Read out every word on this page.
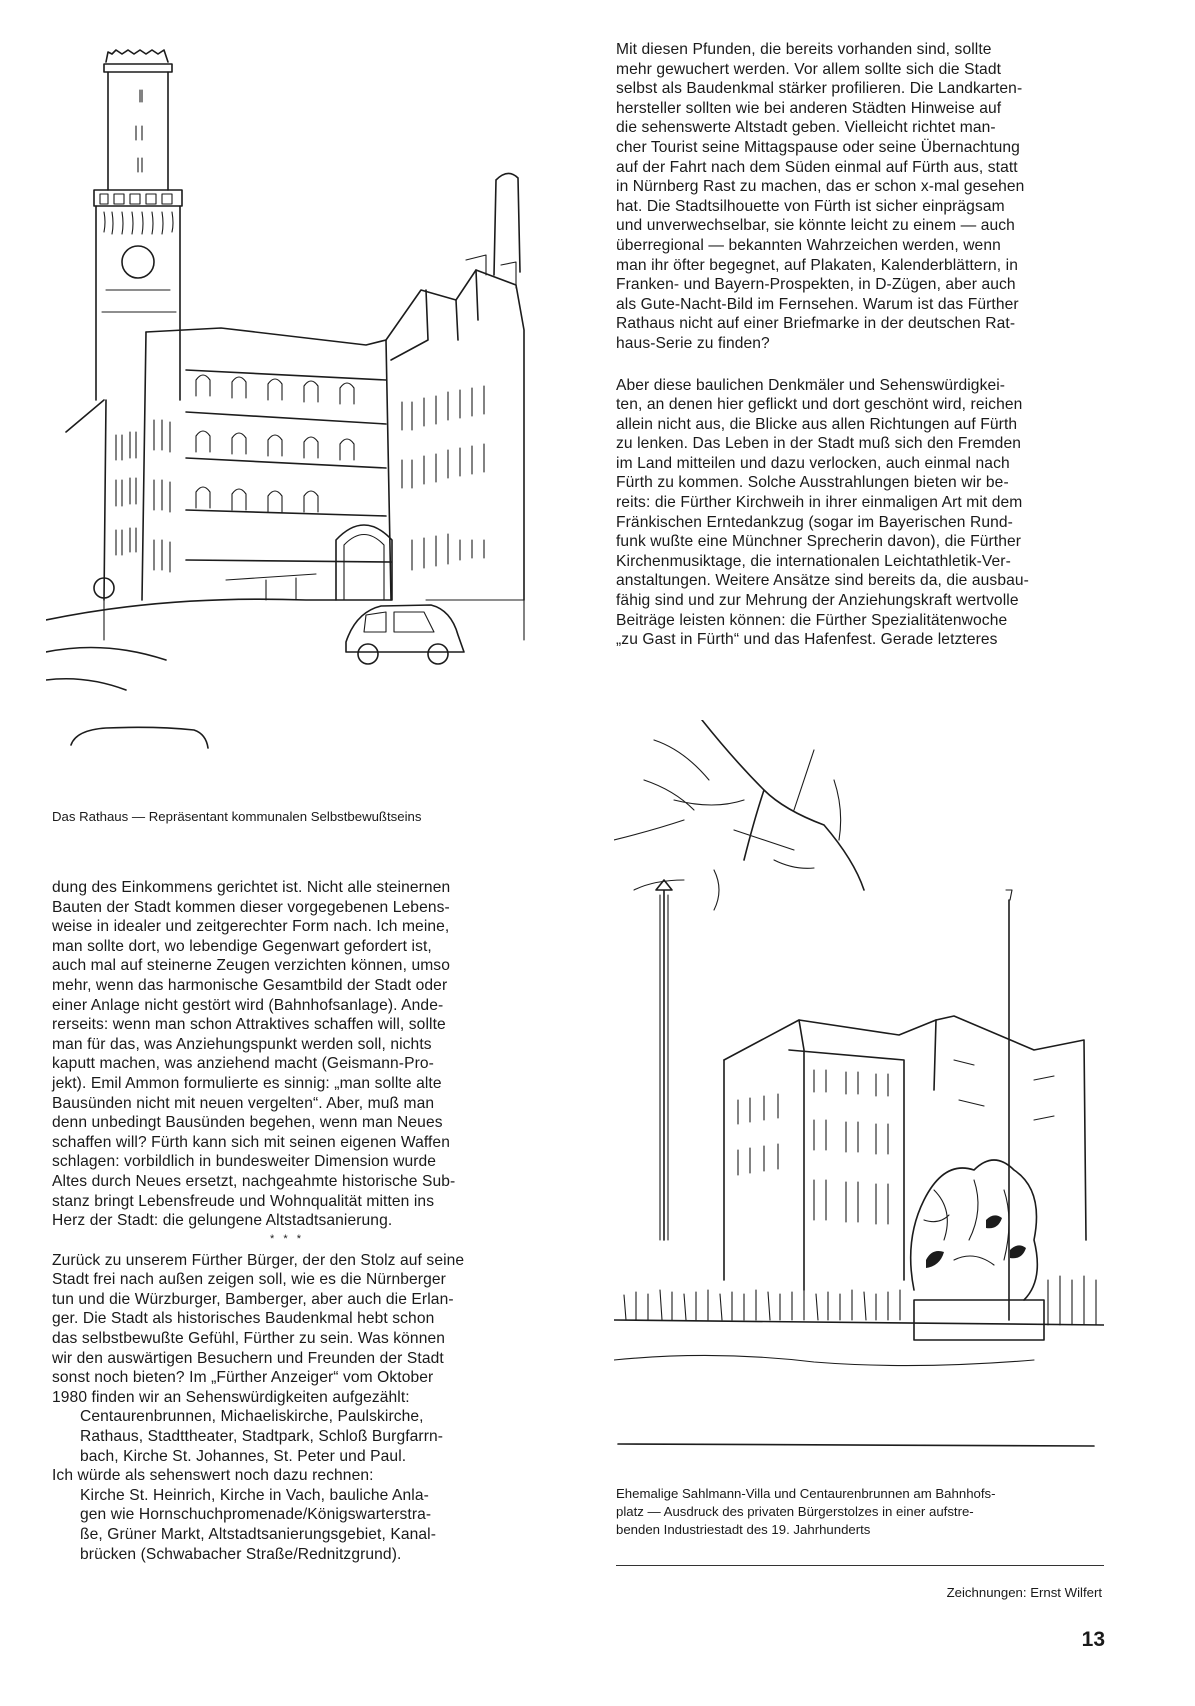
Mit diesen Pfunden, die bereits vorhanden sind, sollte
mehr gewuchert werden. Vor allem sollte sich die Stadt
selbst als Baudenkmal stärker profilieren. Die Landkarten-
hersteller sollten wie bei anderen Städten Hinweise auf
die sehenswerte Altstadt geben. Vielleicht richtet man-
cher Tourist seine Mittagspause oder seine Übernachtung
auf der Fahrt nach dem Süden einmal auf Fürth aus, statt
in Nürnberg Rast zu machen, das er schon x-mal gesehen
hat. Die Stadtsilhouette von Fürth ist sicher einprägsam
und unverwechselbar, sie könnte leicht zu einem — auch
überregional — bekannten Wahrzeichen werden, wenn
man ihr öfter begegnet, auf Plakaten, Kalenderblättern, in
Franken- und Bayern-Prospekten, in D-Zügen, aber auch
als Gute-Nacht-Bild im Fernsehen. Warum ist das Fürther
Rathaus nicht auf einer Briefmarke in der deutschen Rat-
haus-Serie zu finden?

Aber diese baulichen Denkmäler und Sehenswürdigkei-
ten, an denen hier geflickt und dort geschönt wird, reichen
allein nicht aus, die Blicke aus allen Richtungen auf Fürth
zu lenken. Das Leben in der Stadt muß sich den Fremden
im Land mitteilen und dazu verlocken, auch einmal nach
Fürth zu kommen. Solche Ausstrahlungen bieten wir be-
reits: die Fürther Kirchweih in ihrer einmaligen Art mit dem
Fränkischen Erntedankzug (sogar im Bayerischen Rund-
funk wußte eine Münchner Sprecherin davon), die Fürther
Kirchenmusiktage, die internationalen Leichtathletik-Ver-
anstaltungen. Weitere Ansätze sind bereits da, die ausbau-
fähig sind und zur Mehrung der Anziehungskraft wertvolle
Beiträge leisten können: die Fürther Spezialitätenwoche
„zu Gast in Fürth“ und das Hafenfest. Gerade letzteres

Das Rathaus — Repräsentant kommunalen Selbstbewußtseins

dung des Einkommens gerichtet ist. Nicht alle steinernen
Bauten der Stadt kommen dieser vorgegebenen Lebens-
weise in idealer und zeitgerechter Form nach. Ich meine,
man sollte dort, wo lebendige Gegenwart gefordert ist,
auch mal auf steinerne Zeugen verzichten können, umso
mehr, wenn das harmonische Gesamtbild der Stadt oder
einer Anlage nicht gestört wird (Bahnhofsanlage). Ande-
rerseits: wenn man schon Attraktives schaffen will, sollte
man für das, was Anziehungspunkt werden soll, nichts
kaputt machen, was anziehend macht (Geismann-Pro-
jekt). Emil Ammon formulierte es sinnig: „man sollte alte
Bausünden nicht mit neuen vergelten“. Aber, muß man
denn unbedingt Bausünden begehen, wenn man Neues
schaffen will? Fürth kann sich mit seinen eigenen Waffen
schlagen: vorbildlich in bundesweiter Dimension wurde
Altes durch Neues ersetzt, nachgeahmte historische Sub-
stanz bringt Lebensfreude und Wohnqualität mitten ins
Herz der Stadt: die gelungene Altstadtsanierung.

* * *

Zurück zu unserem Fürther Bürger, der den Stolz auf seine
Stadt frei nach außen zeigen soll, wie es die Nürnberger
tun und die Würzburger, Bamberger, aber auch die Erlan-
ger. Die Stadt als historisches Baudenkmal hebt schon
das selbstbewußte Gefühl, Fürther zu sein. Was können
wir den auswärtigen Besuchern und Freunden der Stadt
sonst noch bieten? Im „Fürther Anzeiger“ vom Oktober
1980 finden wir an Sehenswürdigkeiten aufgezählt:

Centaurenbrunnen, Michaeliskirche, Paulskirche,
Rathaus, Stadttheater, Stadtpark, Schloß Burgfarrn-
bach, Kirche St. Johannes, St. Peter und Paul.

Ich würde als sehenswert noch dazu rechnen:

Kirche St. Heinrich, Kirche in Vach, bauliche Anla-
gen wie Hornschuchpromenade/Königswarterstra-
ße, Grüner Markt, Altstadtsanierungsgebiet, Kanal-
brücken (Schwabacher Straße/Rednitzgrund).

Ehemalige Sahlmann-Villa und Centaurenbrunnen am Bahnhofs-
platz — Ausdruck des privaten Bürgerstolzes in einer aufstre-
benden Industriestadt des 19. Jahrhunderts
Zeichnungen: Ernst Wilfert
13
